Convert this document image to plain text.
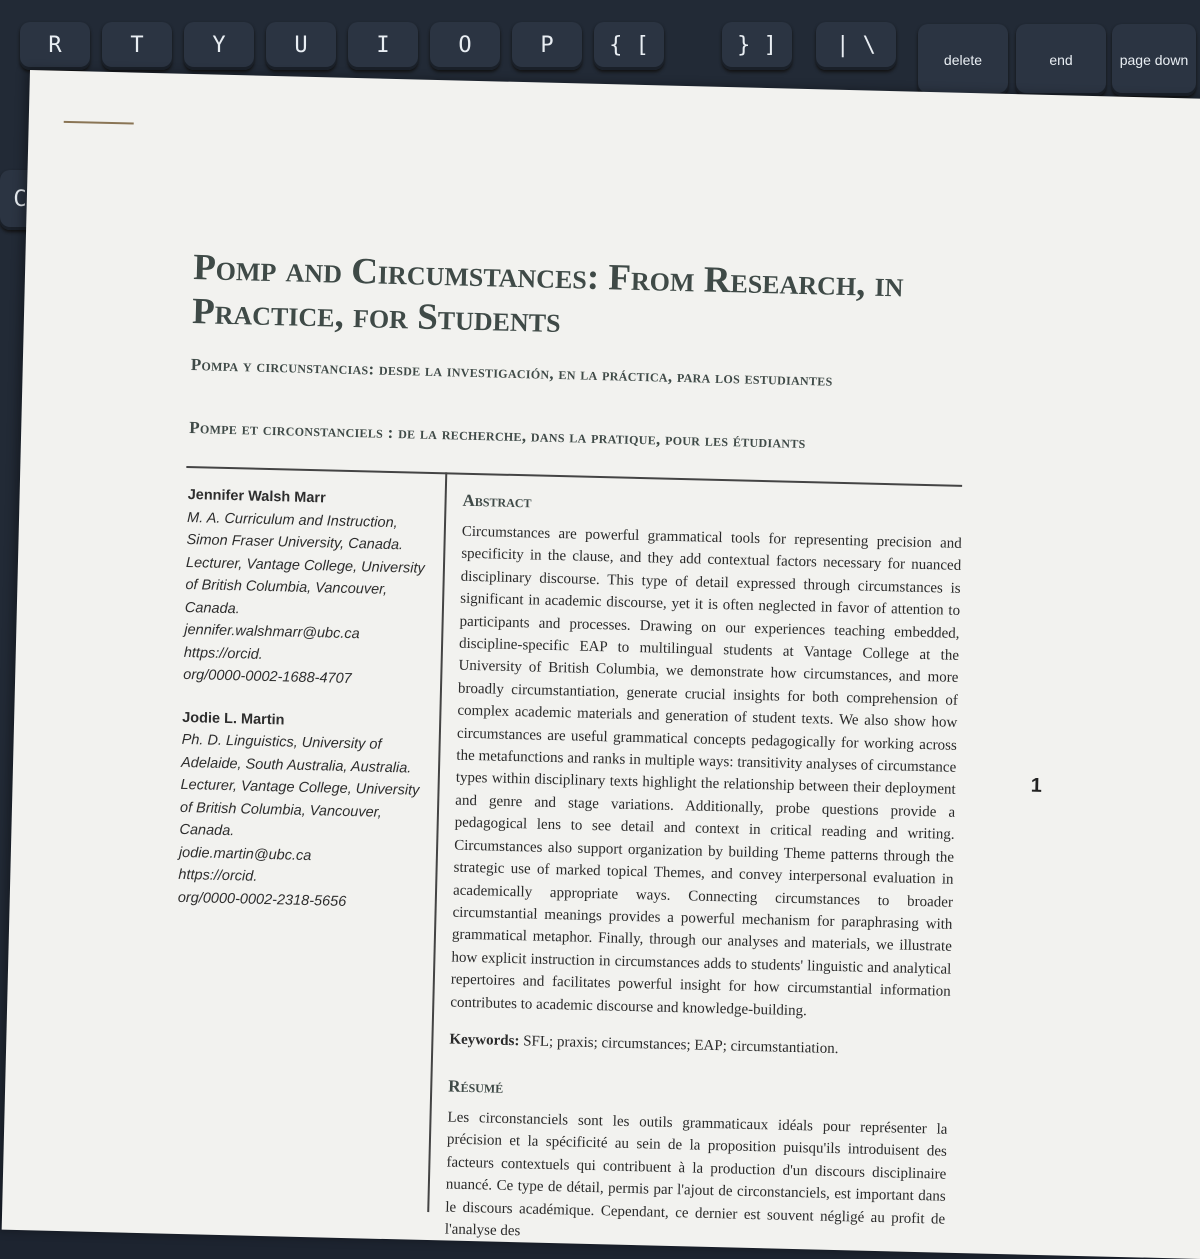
R	T	Y	U	I	O	P	{ [	} ]	| \
delete	end	page down
C
Pomp and Circumstances: From Research, in Practice, for Students

Pompa y circunstancias: desde la investigación, en la práctica, para los estudiantes

Pompe et circonstanciels : de la recherche, dans la pratique, pour les étudiants

Jennifer Walsh Marr
M. A. Curriculum and Instruction,
Simon Fraser University, Canada.
Lecturer, Vantage College, University
of British Columbia, Vancouver,
Canada.
jennifer.walshmarr@ubc.ca
https://orcid.
org/0000-0002-1688-4707
Jodie L. Martin
Ph. D. Linguistics, University of
Adelaide, South Australia, Australia.
Lecturer, Vantage College, University
of British Columbia, Vancouver,
Canada.
jodie.martin@ubc.ca
https://orcid.
org/0000-0002-2318-5656
Abstract

Circumstances are powerful grammatical tools for representing precision and specificity in the clause, and they add contextual factors necessary for nuanced disciplinary discourse. This type of detail expressed through circumstances is significant in academic discourse, yet it is often neglected in favor of attention to participants and processes. Drawing on our experiences teaching embedded, discipline-specific EAP to multilingual students at Vantage College at the University of British Columbia, we demonstrate how circumstances, and more broadly circumstantiation, generate crucial insights for both comprehension of complex academic materials and generation of student texts. We also show how circumstances are useful grammatical concepts pedagogically for working across the metafunctions and ranks in multiple ways: transitivity analyses of circumstance types within disciplinary texts highlight the relationship between their deployment and genre and stage variations. Additionally, probe questions provide a pedagogical lens to see detail and context in critical reading and writing. Circumstances also support organization by building Theme patterns through the strategic use of marked topical Themes, and convey interpersonal evaluation in academically appropriate ways. Connecting circumstances to broader circumstantial meanings provides a powerful mechanism for paraphrasing with grammatical metaphor. Finally, through our analyses and materials, we illustrate how explicit instruction in circumstances adds to students' linguistic and analytical repertoires and facilitates powerful insight for how circumstantial information contributes to academic discourse and knowledge-building.

Keywords: SFL; praxis; circumstances; EAP; circumstantiation.

Résumé

Les circonstanciels sont les outils grammaticaux idéals pour représenter la précision et la spécificité au sein de la proposition puisqu'ils introduisent des facteurs contextuels qui contribuent à la production d'un discours disciplinaire nuancé. Ce type de détail, permis par l'ajout de circonstanciels, est important dans le discours académique. Cependant, ce dernier est souvent négligé au profit de l'analyse des

1
